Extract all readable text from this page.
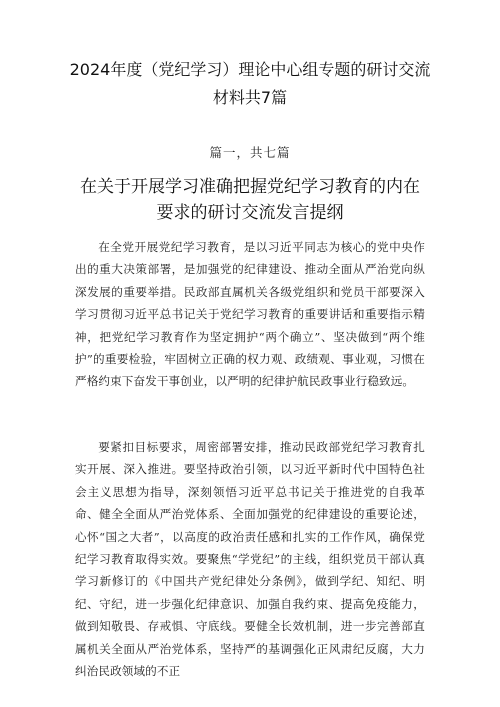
2024年度（党纪学习）理论中心组专题的研讨交流
材料共7篇
篇一，共七篇
在关于开展学习准确把握党纪学习教育的内在
要求的研讨交流发言提纲

在全党开展党纪学习教育，是以习近平同志为核心的党中央作出的重大决策部署，是加强党的纪律建设、推动全面从严治党向纵深发展的重要举措。民政部直属机关各级党组织和党员干部要深入学习贯彻习近平总书记关于党纪学习教育的重要讲话和重要指示精神，把党纪学习教育作为坚定拥护“两个确立”、坚决做到“两个维护”的重要检验，牢固树立正确的权力观、政绩观、事业观，习惯在严格约束下奋发干事创业，以严明的纪律护航民政事业行稳致远。

要紧扣目标要求，周密部署安排，推动民政部党纪学习教育扎实开展、深入推进。要坚持政治引领，以习近平新时代中国特色社会主义思想为指导，深刻领悟习近平总书记关于推进党的自我革命、健全全面从严治党体系、全面加强党的纪律建设的重要论述，心怀“国之大者”，以高度的政治责任感和扎实的工作作风，确保党纪学习教育取得实效。要聚焦“学党纪”的主线，组织党员干部认真学习新修订的《中国共产党纪律处分条例》，做到学纪、知纪、明纪、守纪，进一步强化纪律意识、加强自我约束、提高免疫能力，做到知敬畏、存戒惧、守底线。要健全长效机制，进一步完善部直属机关全面从严治党体系，坚持严的基调强化正风肃纪反腐，大力纠治民政领域的不正
